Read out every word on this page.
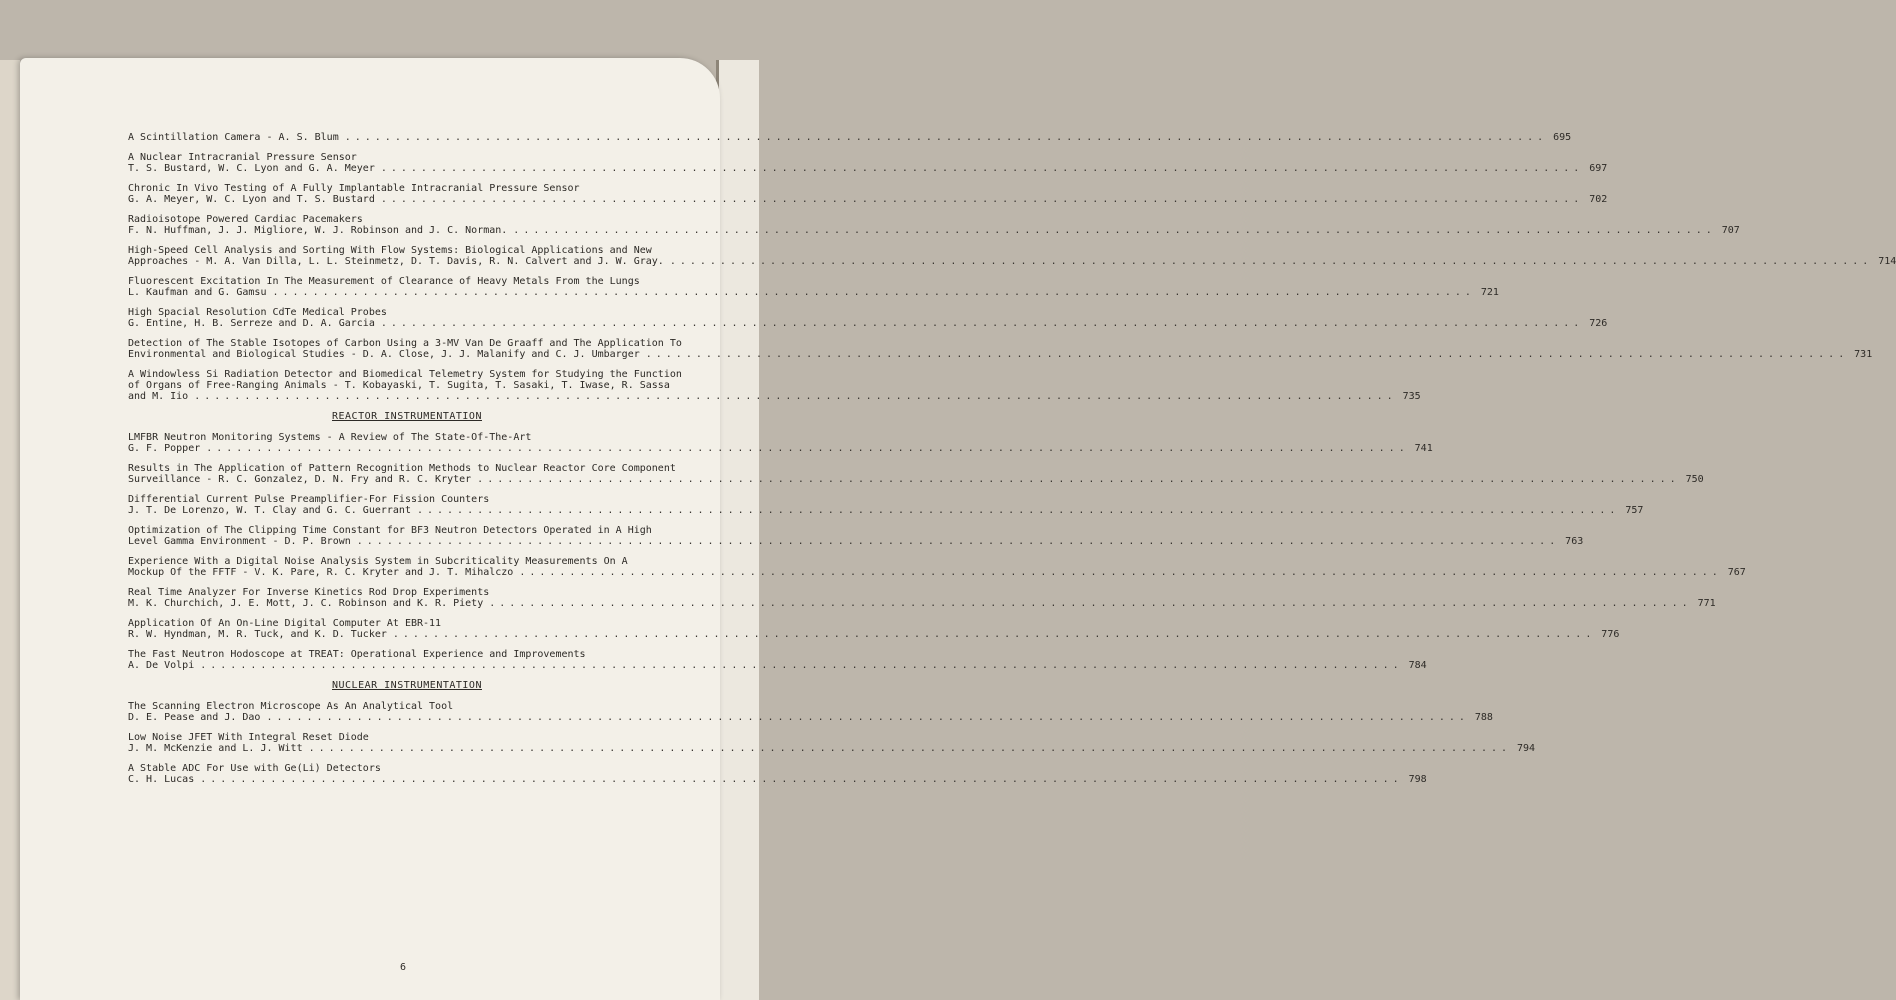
A Scintillation Camera - A. S. Blum ........................................................................................................................ 695
A Nuclear Intracranial Pressure Sensor
T. S. Bustard, W. C. Lyon and G. A. Meyer ........................................................................................................................ 697
Chronic In Vivo Testing of A Fully Implantable Intracranial Pressure Sensor
G. A. Meyer, W. C. Lyon and T. S. Bustard ........................................................................................................................ 702
Radioisotope Powered Cardiac Pacemakers
F. N. Huffman, J. J. Migliore, W. J. Robinson and J. C. Norman. ........................................................................................................................ 707
High-Speed Cell Analysis and Sorting With Flow Systems: Biological Applications and New
Approaches - M. A. Van Dilla, L. L. Steinmetz, D. T. Davis, R. N. Calvert and J. W. Gray. ........................................................................................................................ 714
Fluorescent Excitation In The Measurement of Clearance of Heavy Metals From the Lungs
L. Kaufman and G. Gamsu ........................................................................................................................ 721
High Spacial Resolution CdTe Medical Probes
G. Entine, H. B. Serreze and D. A. Garcia ........................................................................................................................ 726
Detection of The Stable Isotopes of Carbon Using a 3-MV Van De Graaff and The Application To
Environmental and Biological Studies - D. A. Close, J. J. Malanify and C. J. Umbarger ........................................................................................................................ 731
A Windowless Si Radiation Detector and Biomedical Telemetry System for Studying the Function
of Organs of Free-Ranging Animals - T. Kobayaski, T. Sugita, T. Sasaki, T. Iwase, R. Sassa
and M. Iio ........................................................................................................................ 735
REACTOR INSTRUMENTATION
LMFBR Neutron Monitoring Systems - A Review of The State-Of-The-Art
G. F. Popper ........................................................................................................................ 741
Results in The Application of Pattern Recognition Methods to Nuclear Reactor Core Component
Surveillance - R. C. Gonzalez, D. N. Fry and R. C. Kryter ........................................................................................................................ 750
Differential Current Pulse Preamplifier-For Fission Counters
J. T. De Lorenzo, W. T. Clay and G. C. Guerrant ........................................................................................................................ 757
Optimization of The Clipping Time Constant for BF3 Neutron Detectors Operated in A High
Level Gamma Environment - D. P. Brown ........................................................................................................................ 763
Experience With a Digital Noise Analysis System in Subcriticality Measurements On A
Mockup Of the FFTF - V. K. Pare, R. C. Kryter and J. T. Mihalczo ........................................................................................................................ 767
Real Time Analyzer For Inverse Kinetics Rod Drop Experiments
M. K. Churchich, J. E. Mott, J. C. Robinson and K. R. Piety ........................................................................................................................ 771
Application Of An On-Line Digital Computer At EBR-11
R. W. Hyndman, M. R. Tuck, and K. D. Tucker ........................................................................................................................ 776
The Fast Neutron Hodoscope at TREAT: Operational Experience and Improvements
A. De Volpi ........................................................................................................................ 784
NUCLEAR INSTRUMENTATION
The Scanning Electron Microscope As An Analytical Tool
D. E. Pease and J. Dao ........................................................................................................................ 788
Low Noise JFET With Integral Reset Diode
J. M. McKenzie and L. J. Witt ........................................................................................................................ 794
A Stable ADC For Use with Ge(Li) Detectors
C. H. Lucas ........................................................................................................................ 798
6
